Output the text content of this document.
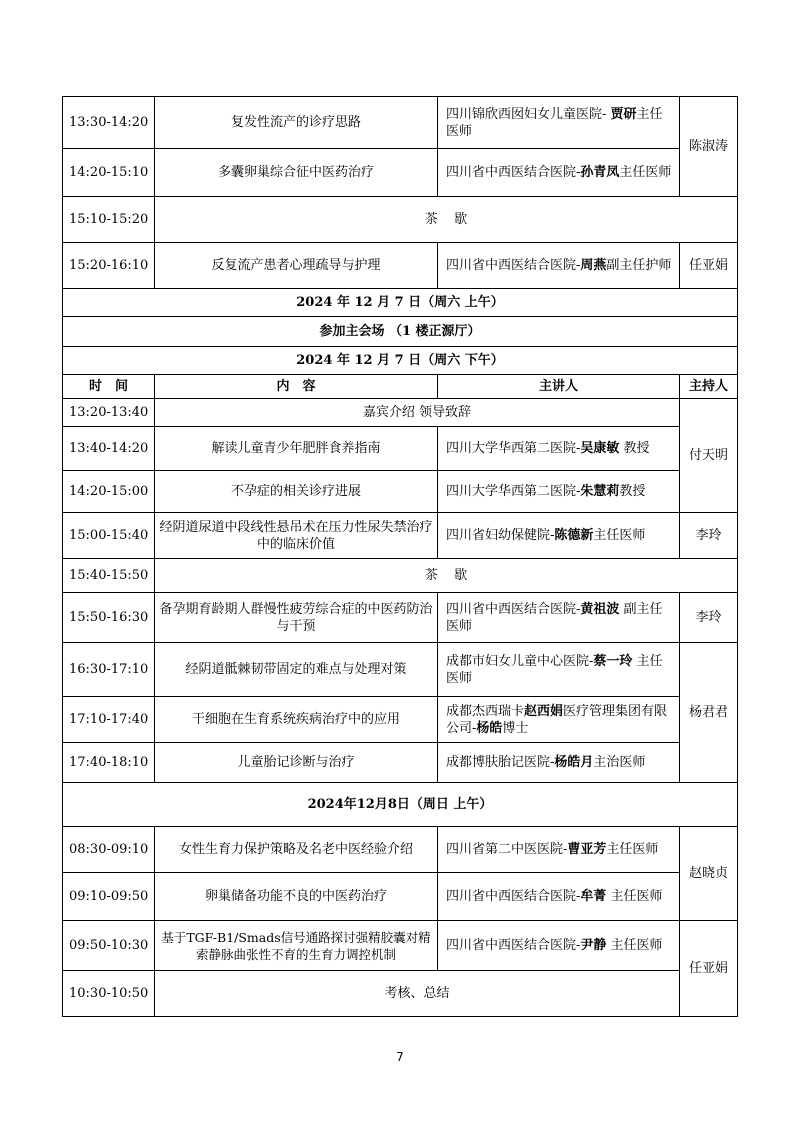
13:30-14:20	复发性流产的诊疗思路	四川锦欣西囡妇女儿童医院- 贾研主任医师	陈淑涛
14:20-15:10	多囊卵巢综合征中医药治疗	四川省中西医结合医院-孙青凤主任医师	
15:10-15:20	茶    歇		
15:20-16:10	反复流产患者心理疏导与护理	四川省中西医结合医院-周燕副主任护师	任亚娟
2024 年 12 月 7 日（周六 上午）			
参加主会场 （1 楼正源厅）			
2024 年 12 月 7 日（周六 下午）			
时　间	内　容	主讲人	主持人
13:20-13:40	嘉宾介绍 领导致辞		付天明
13:40-14:20	解读儿童青少年肥胖食养指南	四川大学华西第二医院-吴康敏 教授	
14:20-15:00	不孕症的相关诊疗进展	四川大学华西第二医院-朱慧莉教授	
15:00-15:40	经阴道尿道中段线性悬吊术在压力性尿失禁治疗中的临床价值	四川省妇幼保健院-陈德新主任医师	李玲
15:40-15:50	茶    歇		
15:50-16:30	备孕期育龄期人群慢性疲劳综合症的中医药防治与干预	四川省中西医结合医院-黄祖波 副主任医师	李玲
16:30-17:10	经阴道骶棘韧带固定的难点与处理对策	成都市妇女儿童中心医院-蔡一玲 主任医师	杨君君
17:10-17:40	干细胞在生育系统疾病治疗中的应用	成都杰西瑞卡赵西娟医疗管理集团有限公司-杨皓博士	
17:40-18:10	儿童胎记诊断与治疗	成都博肤胎记医院-杨皓月主治医师	
2024年12月8日（周日 上午）			
08:30-09:10	女性生育力保护策略及名老中医经验介绍	四川省第二中医医院-曹亚芳主任医师	赵晓贞
09:10-09:50	卵巢储备功能不良的中医药治疗	四川省中西医结合医院-牟菁 主任医师	
09:50-10:30	基于TGF-B1/Smads信号通路探讨强精胶囊对精索静脉曲张性不育的生育力调控机制	四川省中西医结合医院-尹静 主任医师	任亚娟
10:30-10:50	考核、总结		
7
